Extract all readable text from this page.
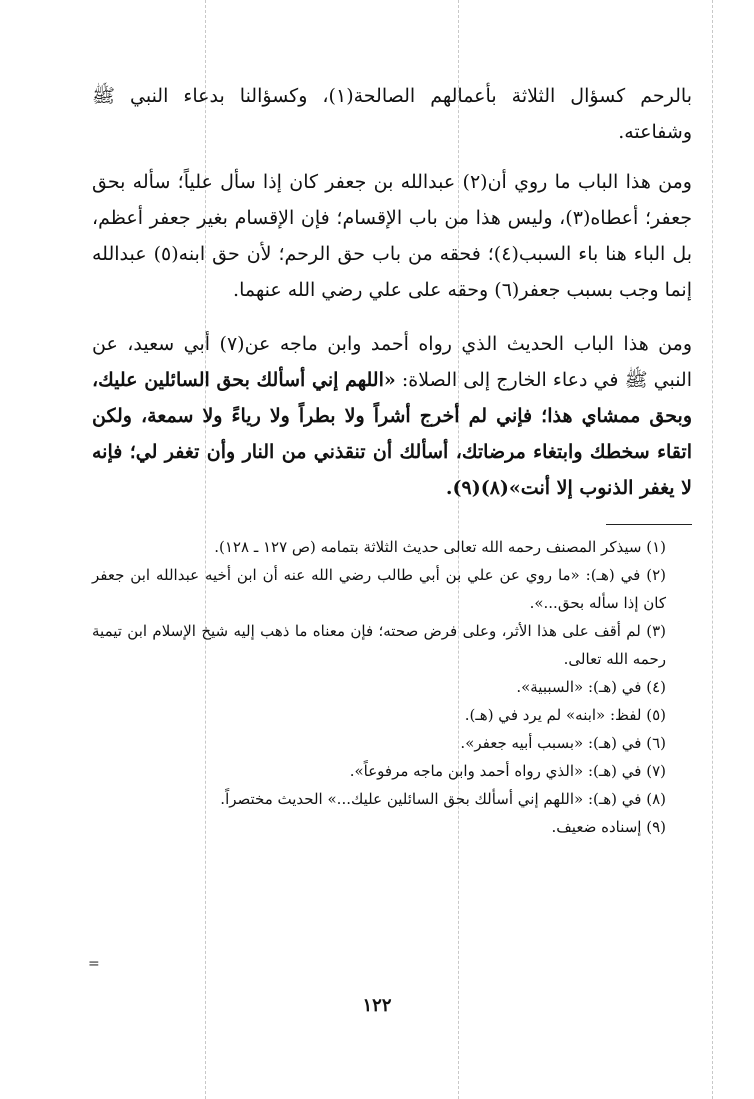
بالرحم كسؤال الثلاثة بأعمالهم الصالحة(١)، وكسؤالنا بدعاء النبي ﷺ وشفاعته.

ومن هذا الباب ما روي أن(٢) عبدالله بن جعفر كان إذا سأل علياً؛ سأله بحق جعفر؛ أعطاه(٣)، وليس هذا من باب الإقسام؛ فإن الإقسام بغير جعفر أعظم، بل الباء هنا باء السبب(٤)؛ فحقه من باب حق الرحم؛ لأن حق ابنه(٥) عبدالله إنما وجب بسبب جعفر(٦) وحقه على علي رضي الله عنهما.

ومن هذا الباب الحديث الذي رواه أحمد وابن ماجه عن(٧) أبي سعيد، عن النبي ﷺ في دعاء الخارج إلى الصلاة: «اللهم إني أسألك بحق السائلين عليك، وبحق ممشاي هذا؛ فإني لم أخرج أشراً ولا بطراً ولا رياءً ولا سمعة، ولكن اتقاء سخطك وابتغاء مرضاتك، أسألك أن تنقذني من النار وأن تغفر لي؛ فإنه لا يغفر الذنوب إلا أنت»(٨)(٩).

(١) سيذكر المصنف رحمه الله تعالى حديث الثلاثة بتمامه (ص ١٢٧ ـ ١٢٨).

(٢) في (هـ): «ما روي عن علي بن أبي طالب رضي الله عنه أن ابن أخيه عبدالله ابن جعفر كان إذا سأله بحق...».

(٣) لم أقف على هذا الأثر، وعلى فرض صحته؛ فإن معناه ما ذهب إليه شيخ الإسلام ابن تيمية رحمه الله تعالى.

(٤) في (هـ): «السببية».

(٥) لفظ: «ابنه» لم يرد في (هـ).

(٦) في (هـ): «بسبب أبيه جعفر».

(٧) في (هـ): «الذي رواه أحمد وابن ماجه مرفوعاً».

(٨) في (هـ): «اللهم إني أسألك بحق السائلين عليك...» الحديث مختصراً.

(٩) إسناده ضعيف.

=
١٢٢
